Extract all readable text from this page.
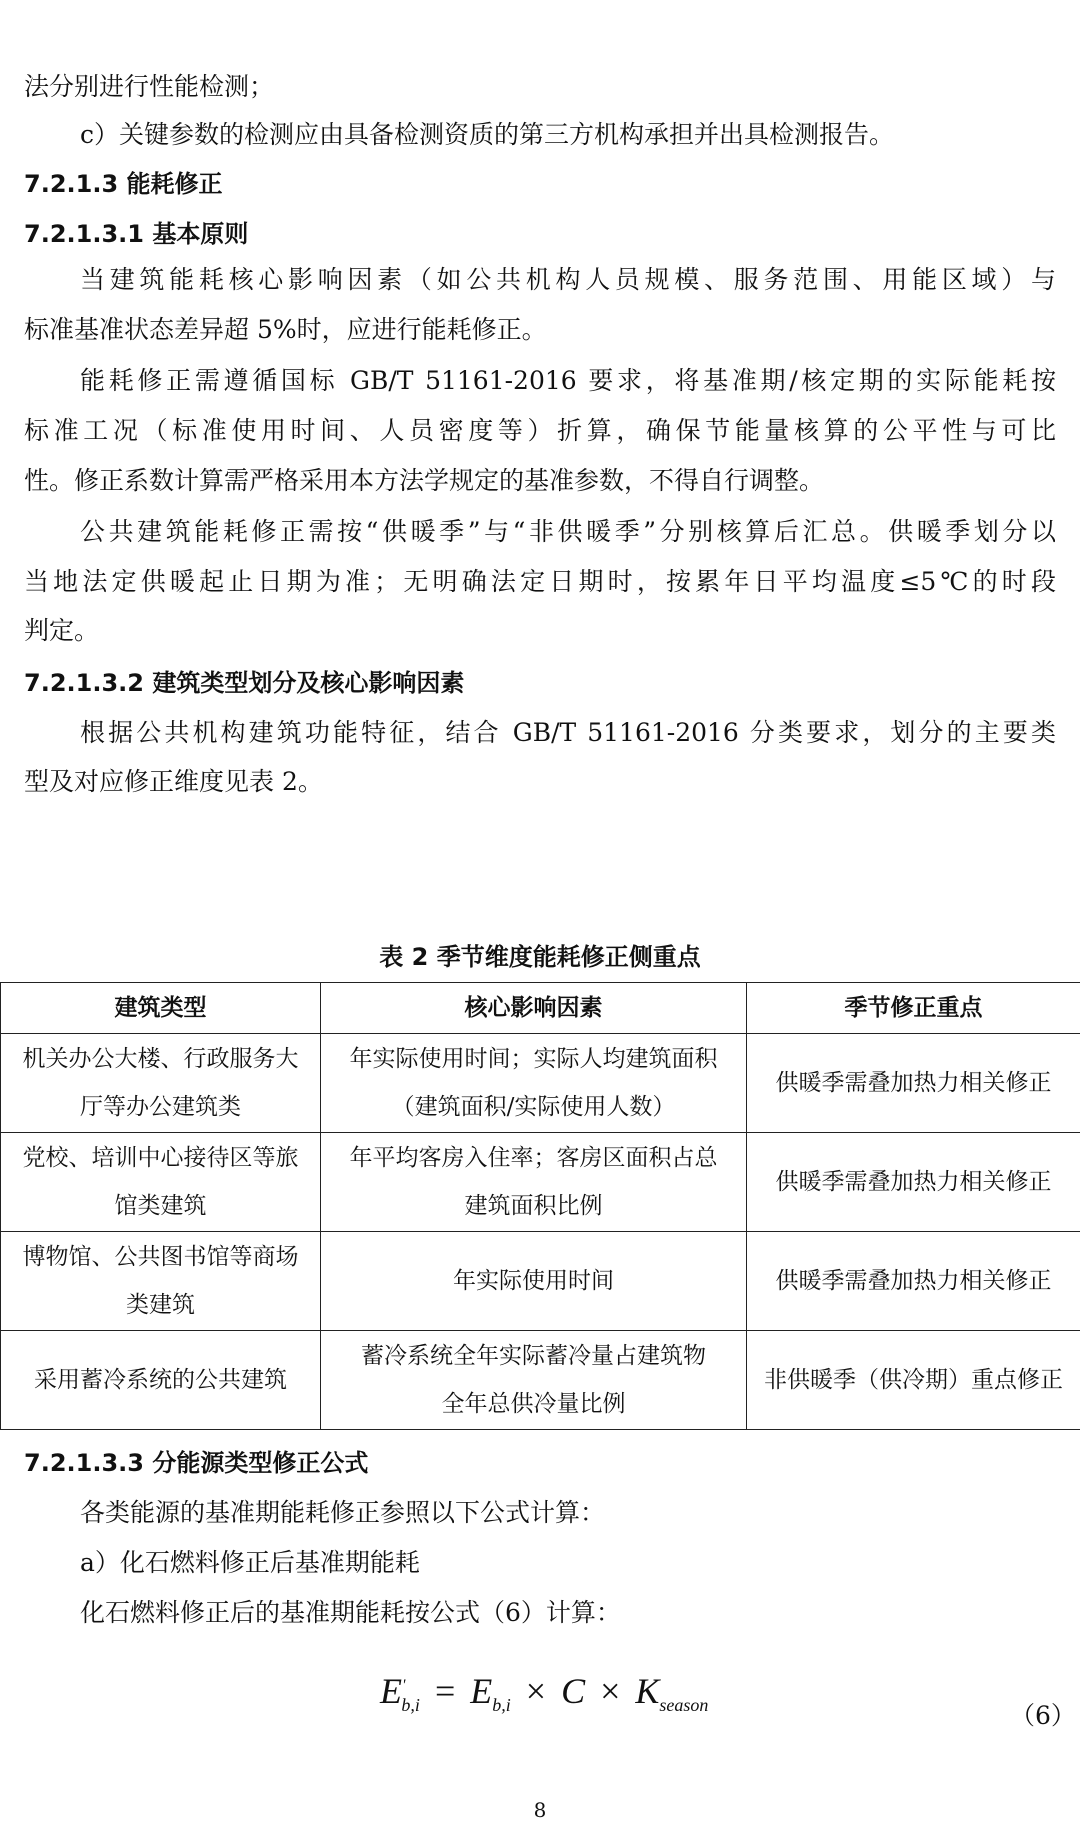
法分别进行性能检测；
c）关键参数的检测应由具备检测资质的第三方机构承担并出具检测报告。
7.2.1.3 能耗修正
7.2.1.3.1 基本原则
当建筑能耗核心影响因素（如公共机构人员规模、服务范围、用能区域）与
标准基准状态差异超 5%时，应进行能耗修正。
能耗修正需遵循国标 GB/T 51161-2016 要求，将基准期/核定期的实际能耗按
标准工况（标准使用时间、人员密度等）折算，确保节能量核算的公平性与可比
性。修正系数计算需严格采用本方法学规定的基准参数，不得自行调整。
公共建筑能耗修正需按“供暖季”与“非供暖季”分别核算后汇总。供暖季划分以
当地法定供暖起止日期为准；无明确法定日期时，按累年日平均温度≤5℃的时段
判定。
7.2.1.3.2 建筑类型划分及核心影响因素
根据公共机构建筑功能特征，结合 GB/T 51161-2016 分类要求，划分的主要类
型及对应修正维度见表 2。
表 2 季节维度能耗修正侧重点
建筑类型	核心影响因素	季节修正重点

机关办公大楼、行政服务大
厅等办公建筑类	年实际使用时间；实际人均建筑面积
（建筑面积/实际使用人数）	供暖季需叠加热力相关修正

党校、培训中心接待区等旅
馆类建筑	年平均客房入住率；客房区面积占总
建筑面积比例	供暖季需叠加热力相关修正

博物馆、公共图书馆等商场
类建筑	年实际使用时间	供暖季需叠加热力相关修正

采用蓄冷系统的公共建筑	蓄冷系统全年实际蓄冷量占建筑物
全年总供冷量比例	非供暖季（供冷期）重点修正
7.2.1.3.3 分能源类型修正公式
各类能源的基准期能耗修正参照以下公式计算：
a）化石燃料修正后基准期能耗
化石燃料修正后的基准期能耗按公式（6）计算：
$E'_{b,i} = E_{b,i} \times C \times K_{season}$	（6）
8
